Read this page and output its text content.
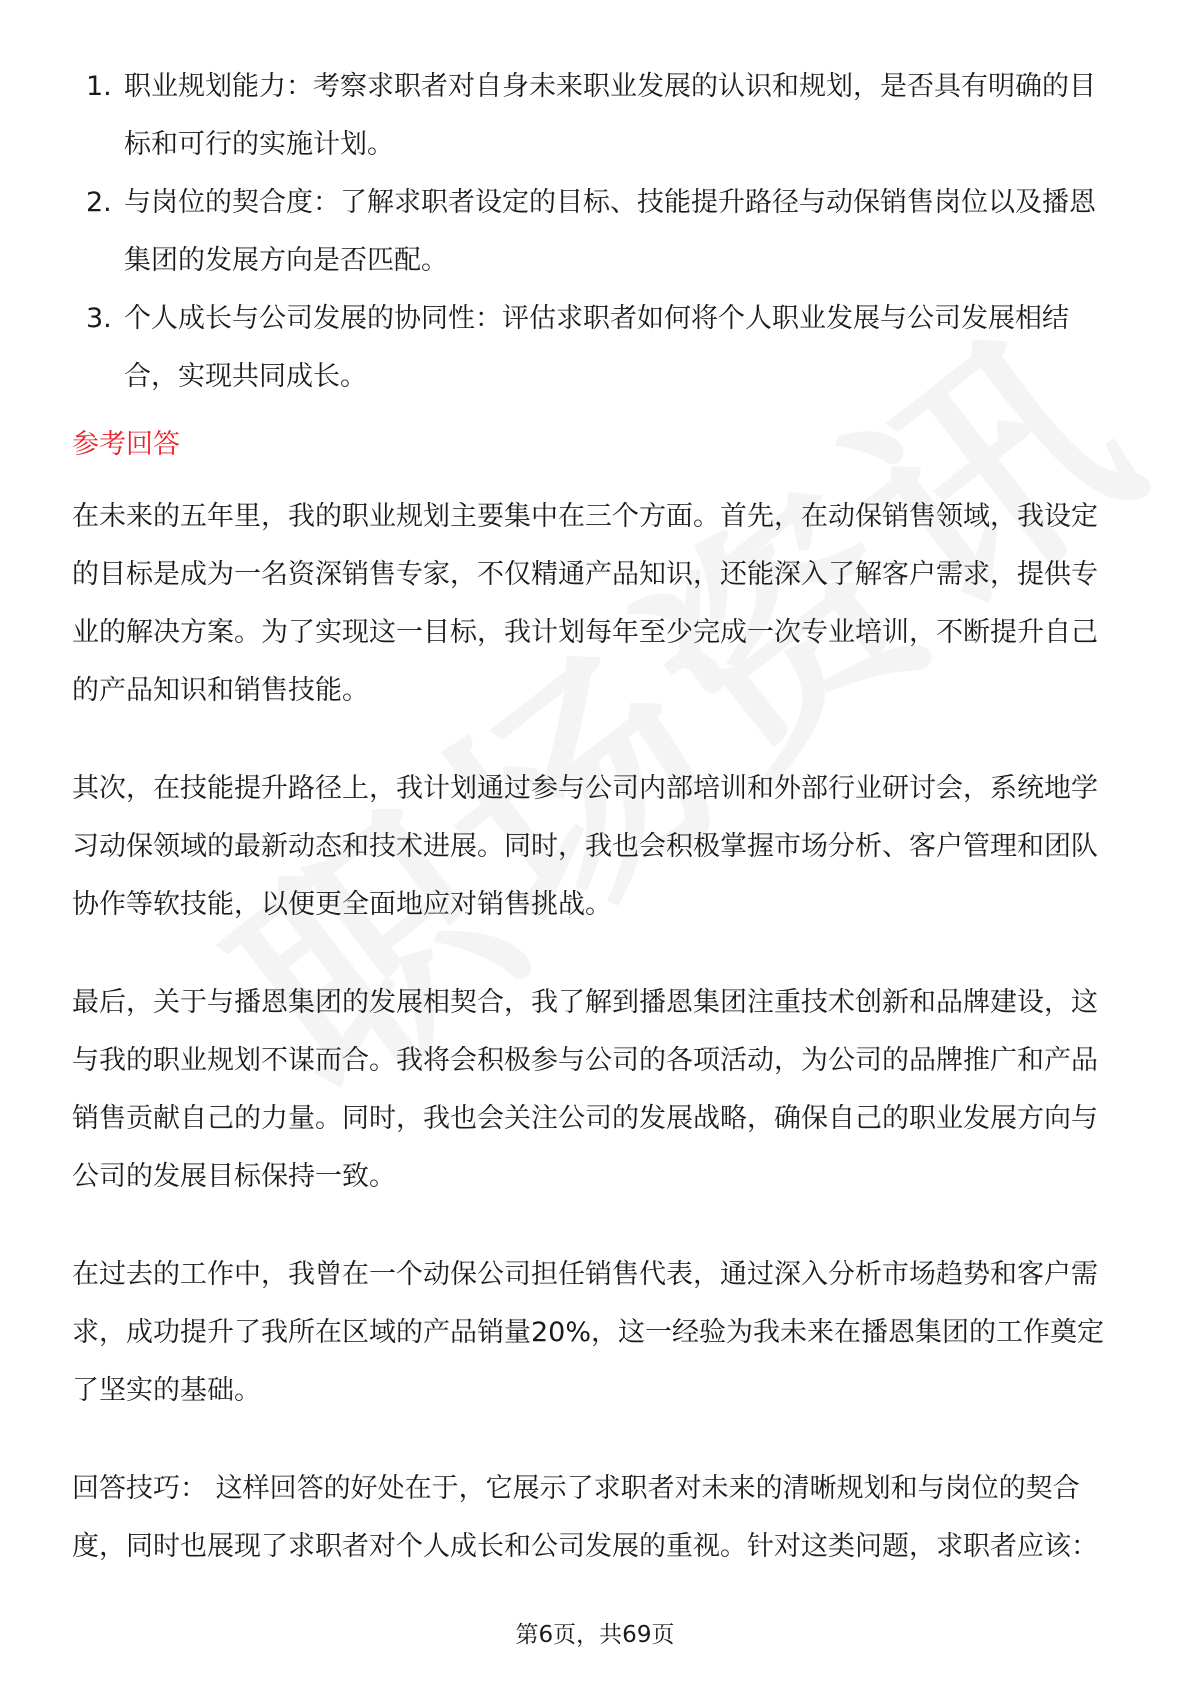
1. 职业规划能力：考察求职者对自身未来职业发展的认识和规划，是否具有明确的目标和可行的实施计划。
2. 与岗位的契合度：了解求职者设定的目标、技能提升路径与动保销售岗位以及播恩集团的发展方向是否匹配。
3. 个人成长与公司发展的协同性：评估求职者如何将个人职业发展与公司发展相结合，实现共同成长。
参考回答

在未来的五年里，我的职业规划主要集中在三个方面。首先，在动保销售领域，我设定的目标是成为一名资深销售专家，不仅精通产品知识，还能深入了解客户需求，提供专业的解决方案。为了实现这一目标，我计划每年至少完成一次专业培训，不断提升自己的产品知识和销售技能。

其次，在技能提升路径上，我计划通过参与公司内部培训和外部行业研讨会，系统地学习动保领域的最新动态和技术进展。同时，我也会积极掌握市场分析、客户管理和团队协作等软技能，以便更全面地应对销售挑战。

最后，关于与播恩集团的发展相契合，我了解到播恩集团注重技术创新和品牌建设，这与我的职业规划不谋而合。我将会积极参与公司的各项活动，为公司的品牌推广和产品销售贡献自己的力量。同时，我也会关注公司的发展战略，确保自己的职业发展方向与公司的发展目标保持一致。

在过去的工作中，我曾在一个动保公司担任销售代表，通过深入分析市场趋势和客户需求，成功提升了我所在区域的产品销量20%，这一经验为我未来在播恩集团的工作奠定了坚实的基础。

回答技巧： 这样回答的好处在于，它展示了求职者对未来的清晰规划和与岗位的契合度，同时也展现了求职者对个人成长和公司发展的重视。针对这类问题，求职者应该：

第6页，共69页
